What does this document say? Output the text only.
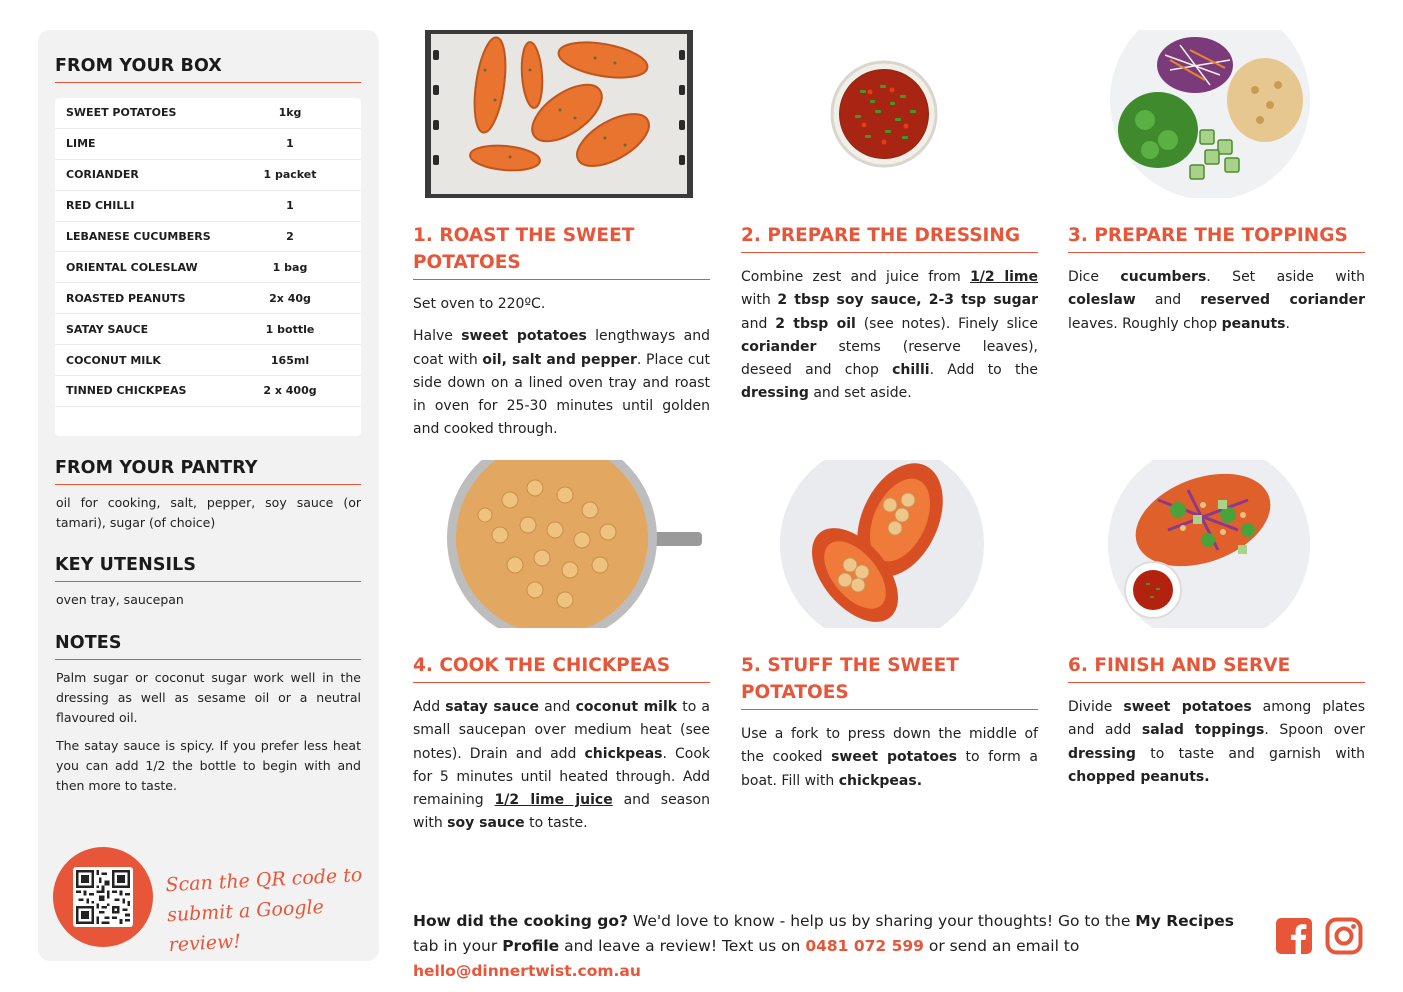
FROM YOUR BOX
SWEET POTATOES	1kg
LIME	1
CORIANDER	1 packet
RED CHILLI	1
LEBANESE CUCUMBERS	2
ORIENTAL COLESLAW	1 bag
ROASTED PEANUTS	2x 40g
SATAY SAUCE	1 bottle
COCONUT MILK	165ml
TINNED CHICKPEAS	2 x 400g
FROM YOUR PANTRY
oil for cooking, salt, pepper, soy sauce (or tamari), sugar (of choice)
KEY UTENSILS
oven tray, saucepan
NOTES

Palm sugar or coconut sugar work well in the dressing as well as sesame oil or a neutral flavoured oil.

The satay sauce is spicy. If you prefer less heat you can add 1/2 the bottle to begin with and then more to taste.

Scan the QR code to
submit a Google review!
1. ROAST THE SWEET POTATOES

Set oven to 220ºC.

Halve sweet potatoes lengthways and coat with oil, salt and pepper. Place cut side down on a lined oven tray and roast in oven for 25-30 minutes until golden and cooked through.

2. PREPARE THE DRESSING

Combine zest and juice from 1/2 lime with 2 tbsp soy sauce, 2-3 tsp sugar and 2 tbsp oil (see notes). Finely slice coriander stems (reserve leaves), deseed and chop chilli. Add to the dressing and set aside.

3. PREPARE THE TOPPINGS

Dice cucumbers. Set aside with coleslaw and reserved coriander leaves. Roughly chop peanuts.

4. COOK THE CHICKPEAS

Add satay sauce and coconut milk to a small saucepan over medium heat (see notes). Drain and add chickpeas. Cook for 5 minutes until heated through. Add remaining 1/2 lime juice and season with soy sauce to taste.

5. STUFF THE SWEET POTATOES

Use a fork to press down the middle of the cooked sweet potatoes to form a boat. Fill with chickpeas.

6. FINISH AND SERVE

Divide sweet potatoes among plates and add salad toppings. Spoon over dressing to taste and garnish with chopped peanuts.

How did the cooking go? We'd love to know - help us by sharing your thoughts! Go to the My Recipes tab in your Profile and leave a review! Text us on 0481 072 599 or send an email to hello@dinnertwist.com.au
